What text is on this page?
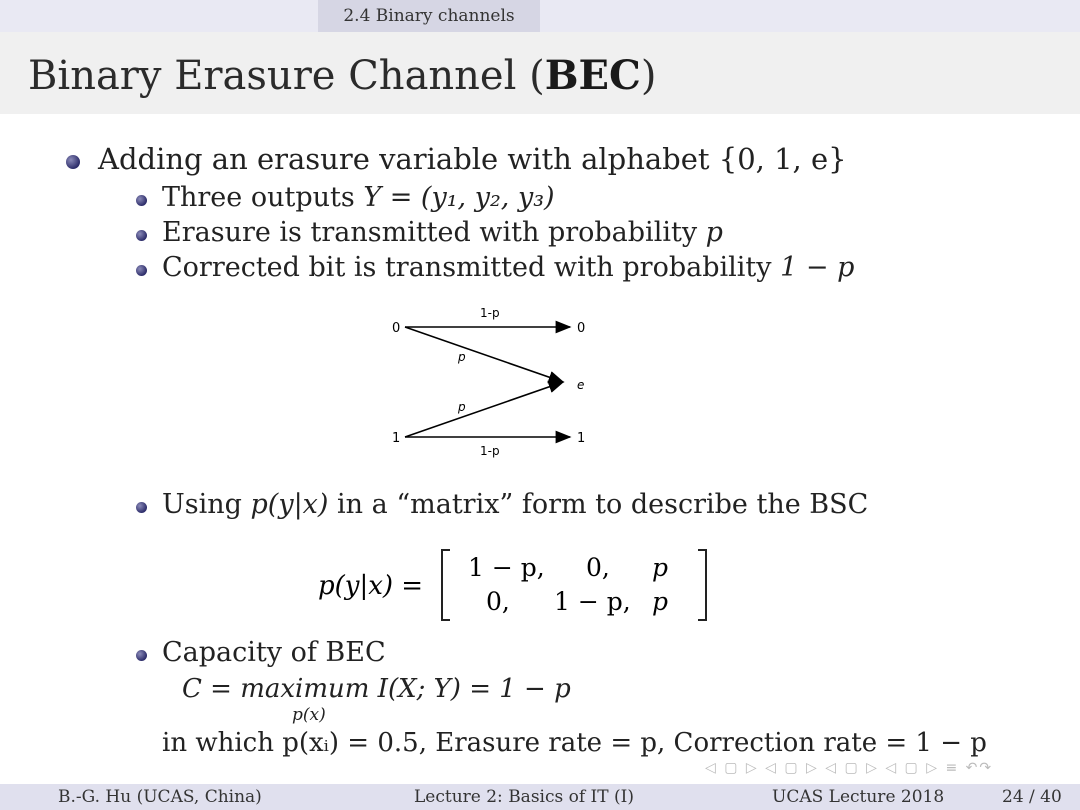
2.4 Binary channels
Binary Erasure Channel (BEC)
Adding an erasure variable with alphabet {0, 1, e}
Three outputs Y = (y₁, y₂, y₃)
Erasure is transmitted with probability p
Corrected bit is transmitted with probability 1 − p
Using p(y|x) in a “matrix” form to describe the BSC
Capacity of BEC
0
1
0
e
1
1-p
p
p
1-p
p(y|x) =
1 − p, 0, p
0, 1 − p, p
C = maximum I(X; Y) = 1 − p
p(x)
in which p(xᵢ) = 0.5, Erasure rate = p, Correction rate = 1 − p
◁ ▢ ▷ ◁ ▢ ▷ ◁ ▢ ▷ ◁ ▢ ▷ ≡ ↶↷
B.-G. Hu (UCAS, China)	Lecture 2: Basics of IT (I)	UCAS Lecture 2018	24 / 40
